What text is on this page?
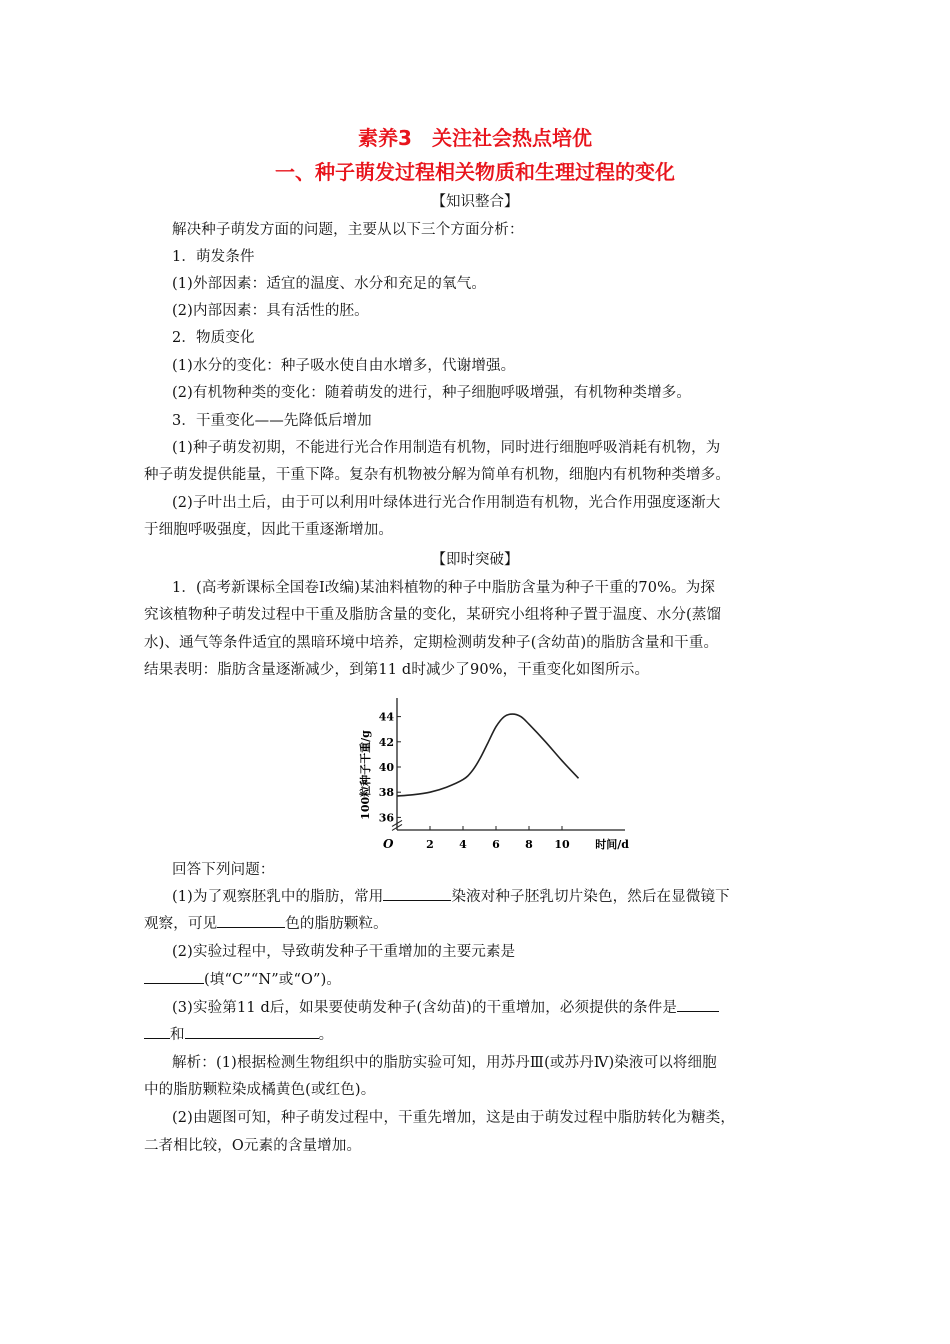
素养3　关注社会热点培优
一、种子萌发过程相关物质和生理过程的变化
【知识整合】
解决种子萌发方面的问题，主要从以下三个方面分析：
1．萌发条件
(1)外部因素：适宜的温度、水分和充足的氧气。
(2)内部因素：具有活性的胚。
2．物质变化
(1)水分的变化：种子吸水使自由水增多，代谢增强。
(2)有机物种类的变化：随着萌发的进行，种子细胞呼吸增强，有机物种类增多。
3．干重变化——先降低后增加
(1)种子萌发初期，不能进行光合作用制造有机物，同时进行细胞呼吸消耗有机物，为
种子萌发提供能量，干重下降。复杂有机物被分解为简单有机物，细胞内有机物种类增多。
(2)子叶出土后，由于可以利用叶绿体进行光合作用制造有机物，光合作用强度逐渐大
于细胞呼吸强度，因此干重逐渐增加。
【即时突破】
1．(高考新课标全国卷Ⅰ改编)某油料植物的种子中脂肪含量为种子干重的70%。为探
究该植物种子萌发过程中干重及脂肪含量的变化，某研究小组将种子置于温度、水分(蒸馏
水)、通气等条件适宜的黑暗环境中培养，定期检测萌发种子(含幼苗)的脂肪含量和干重。
结果表明：脂肪含量逐渐减少，到第11 d时减少了90%，干重变化如图所示。
36
38
40
42
44
2 4 6 8 10
O	时间/d
100粒种子干重/g
回答下列问题：
(1)为了观察胚乳中的脂肪，常用	染液对种子胚乳切片染色，然后在显微镜下
观察，可见	色的脂肪颗粒。
(2)实验过程中，导致萌发种子干重增加的主要元素是
(填“C”“N”或“O”)。
(3)实验第11 d后，如果要使萌发种子(含幼苗)的干重增加，必须提供的条件是
和	。
解析：(1)根据检测生物组织中的脂肪实验可知，用苏丹Ⅲ(或苏丹Ⅳ)染液可以将细胞
中的脂肪颗粒染成橘黄色(或红色)。
(2)由题图可知，种子萌发过程中，干重先增加，这是由于萌发过程中脂肪转化为糖类，
二者相比较，O元素的含量增加。
